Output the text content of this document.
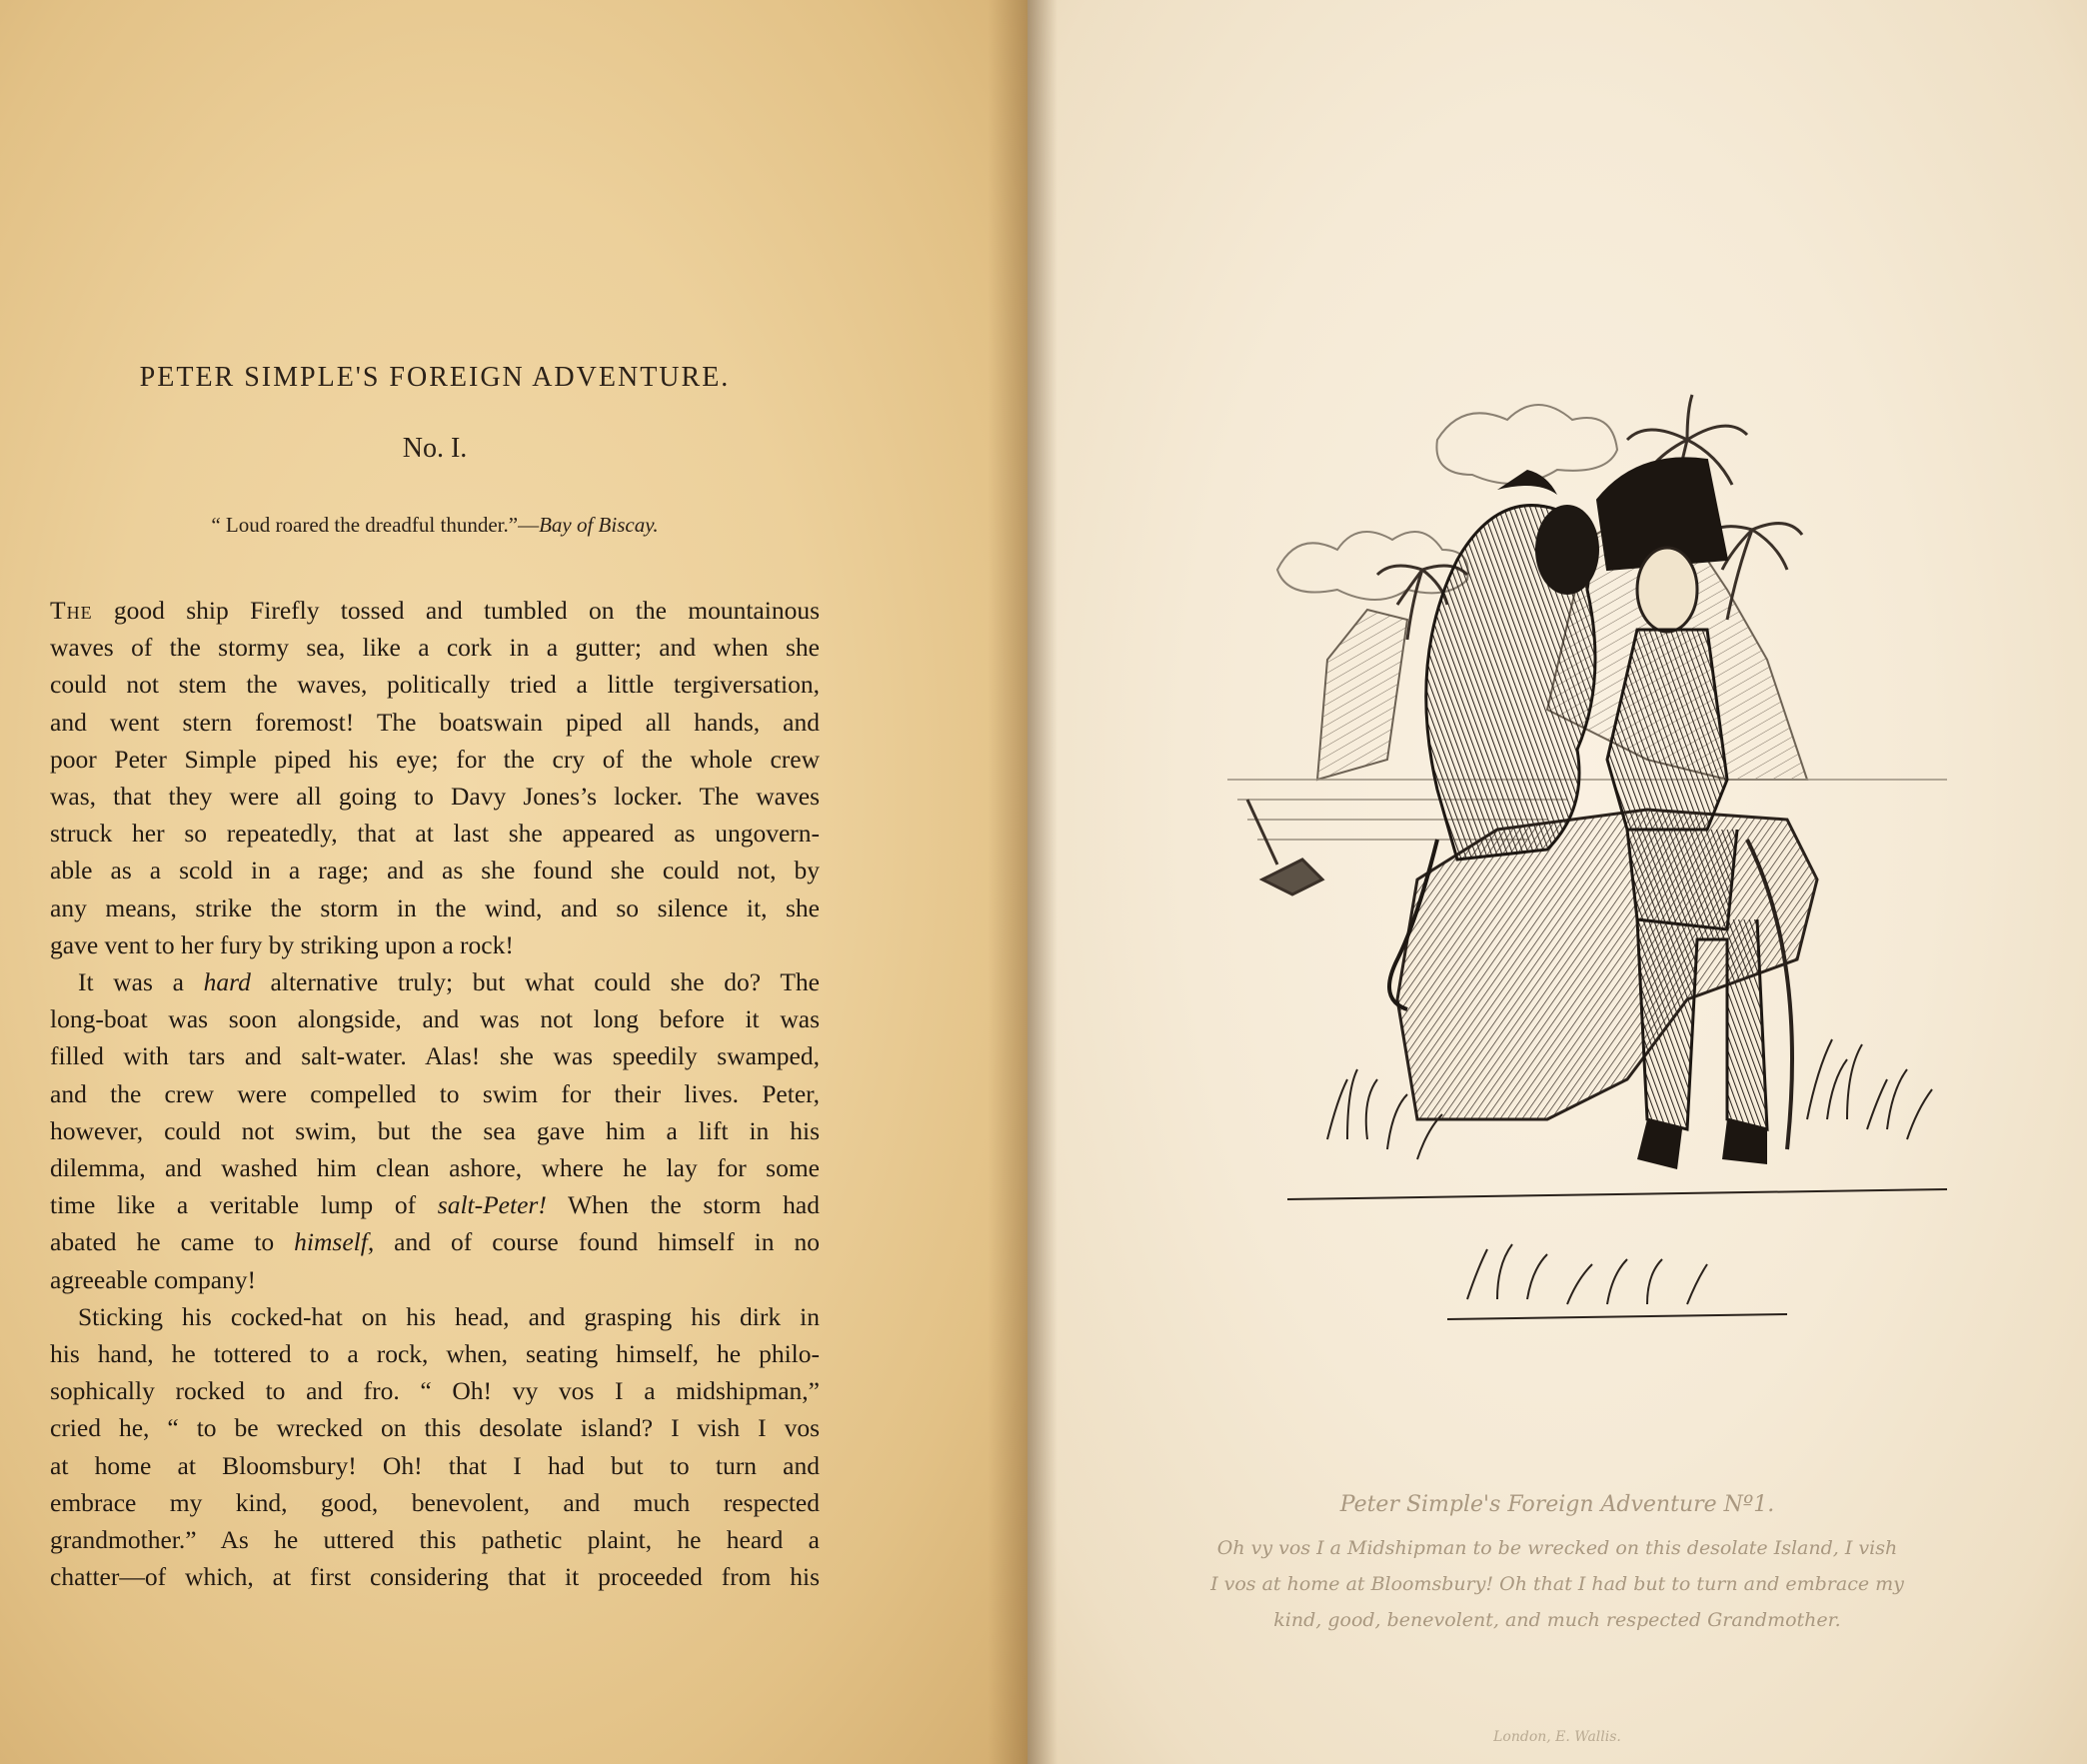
PETER SIMPLE'S FOREIGN ADVENTURE.
No. I.
“ Loud roared the dreadful thunder.”—Bay of Biscay.

The good ship Firefly tossed and tumbled on the mountainous

waves of the stormy sea, like a cork in a gutter; and when she

could not stem the waves, politically tried a little tergiversation,

and went stern foremost! The boatswain piped all hands, and

poor Peter Simple piped his eye; for the cry of the whole crew

was, that they were all going to Davy Jones’s locker. The waves

struck her so repeatedly, that at last she appeared as ungovern-

able as a scold in a rage; and as she found she could not, by

any means, strike the storm in the wind, and so silence it, she

gave vent to her fury by striking upon a rock!

It was a hard alternative truly; but what could she do? The

long-boat was soon alongside, and was not long before it was

filled with tars and salt-water. Alas! she was speedily swamped,

and the crew were compelled to swim for their lives. Peter,

however, could not swim, but the sea gave him a lift in his

dilemma, and washed him clean ashore, where he lay for some

time like a veritable lump of salt-Peter! When the storm had

abated he came to himself, and of course found himself in no

agreeable company!

Sticking his cocked-hat on his head, and grasping his dirk in

his hand, he tottered to a rock, when, seating himself, he philo-

sophically rocked to and fro. “ Oh! vy vos I a midshipman,”

cried he, “ to be wrecked on this desolate island? I vish I vos

at home at Bloomsbury! Oh! that I had but to turn and

embrace my kind, good, benevolent, and much respected

grandmother.” As he uttered this pathetic plaint, he heard a

chatter—of which, at first considering that it proceeded from his

Peter Simple's Foreign Adventure Nº1.
Oh vy vos I a Midshipman to be wrecked on this desolate Island, I vish
I vos at home at Bloomsbury! Oh that I had but to turn and embrace my
kind, good, benevolent, and much respected Grandmother.
London, E. Wallis.
